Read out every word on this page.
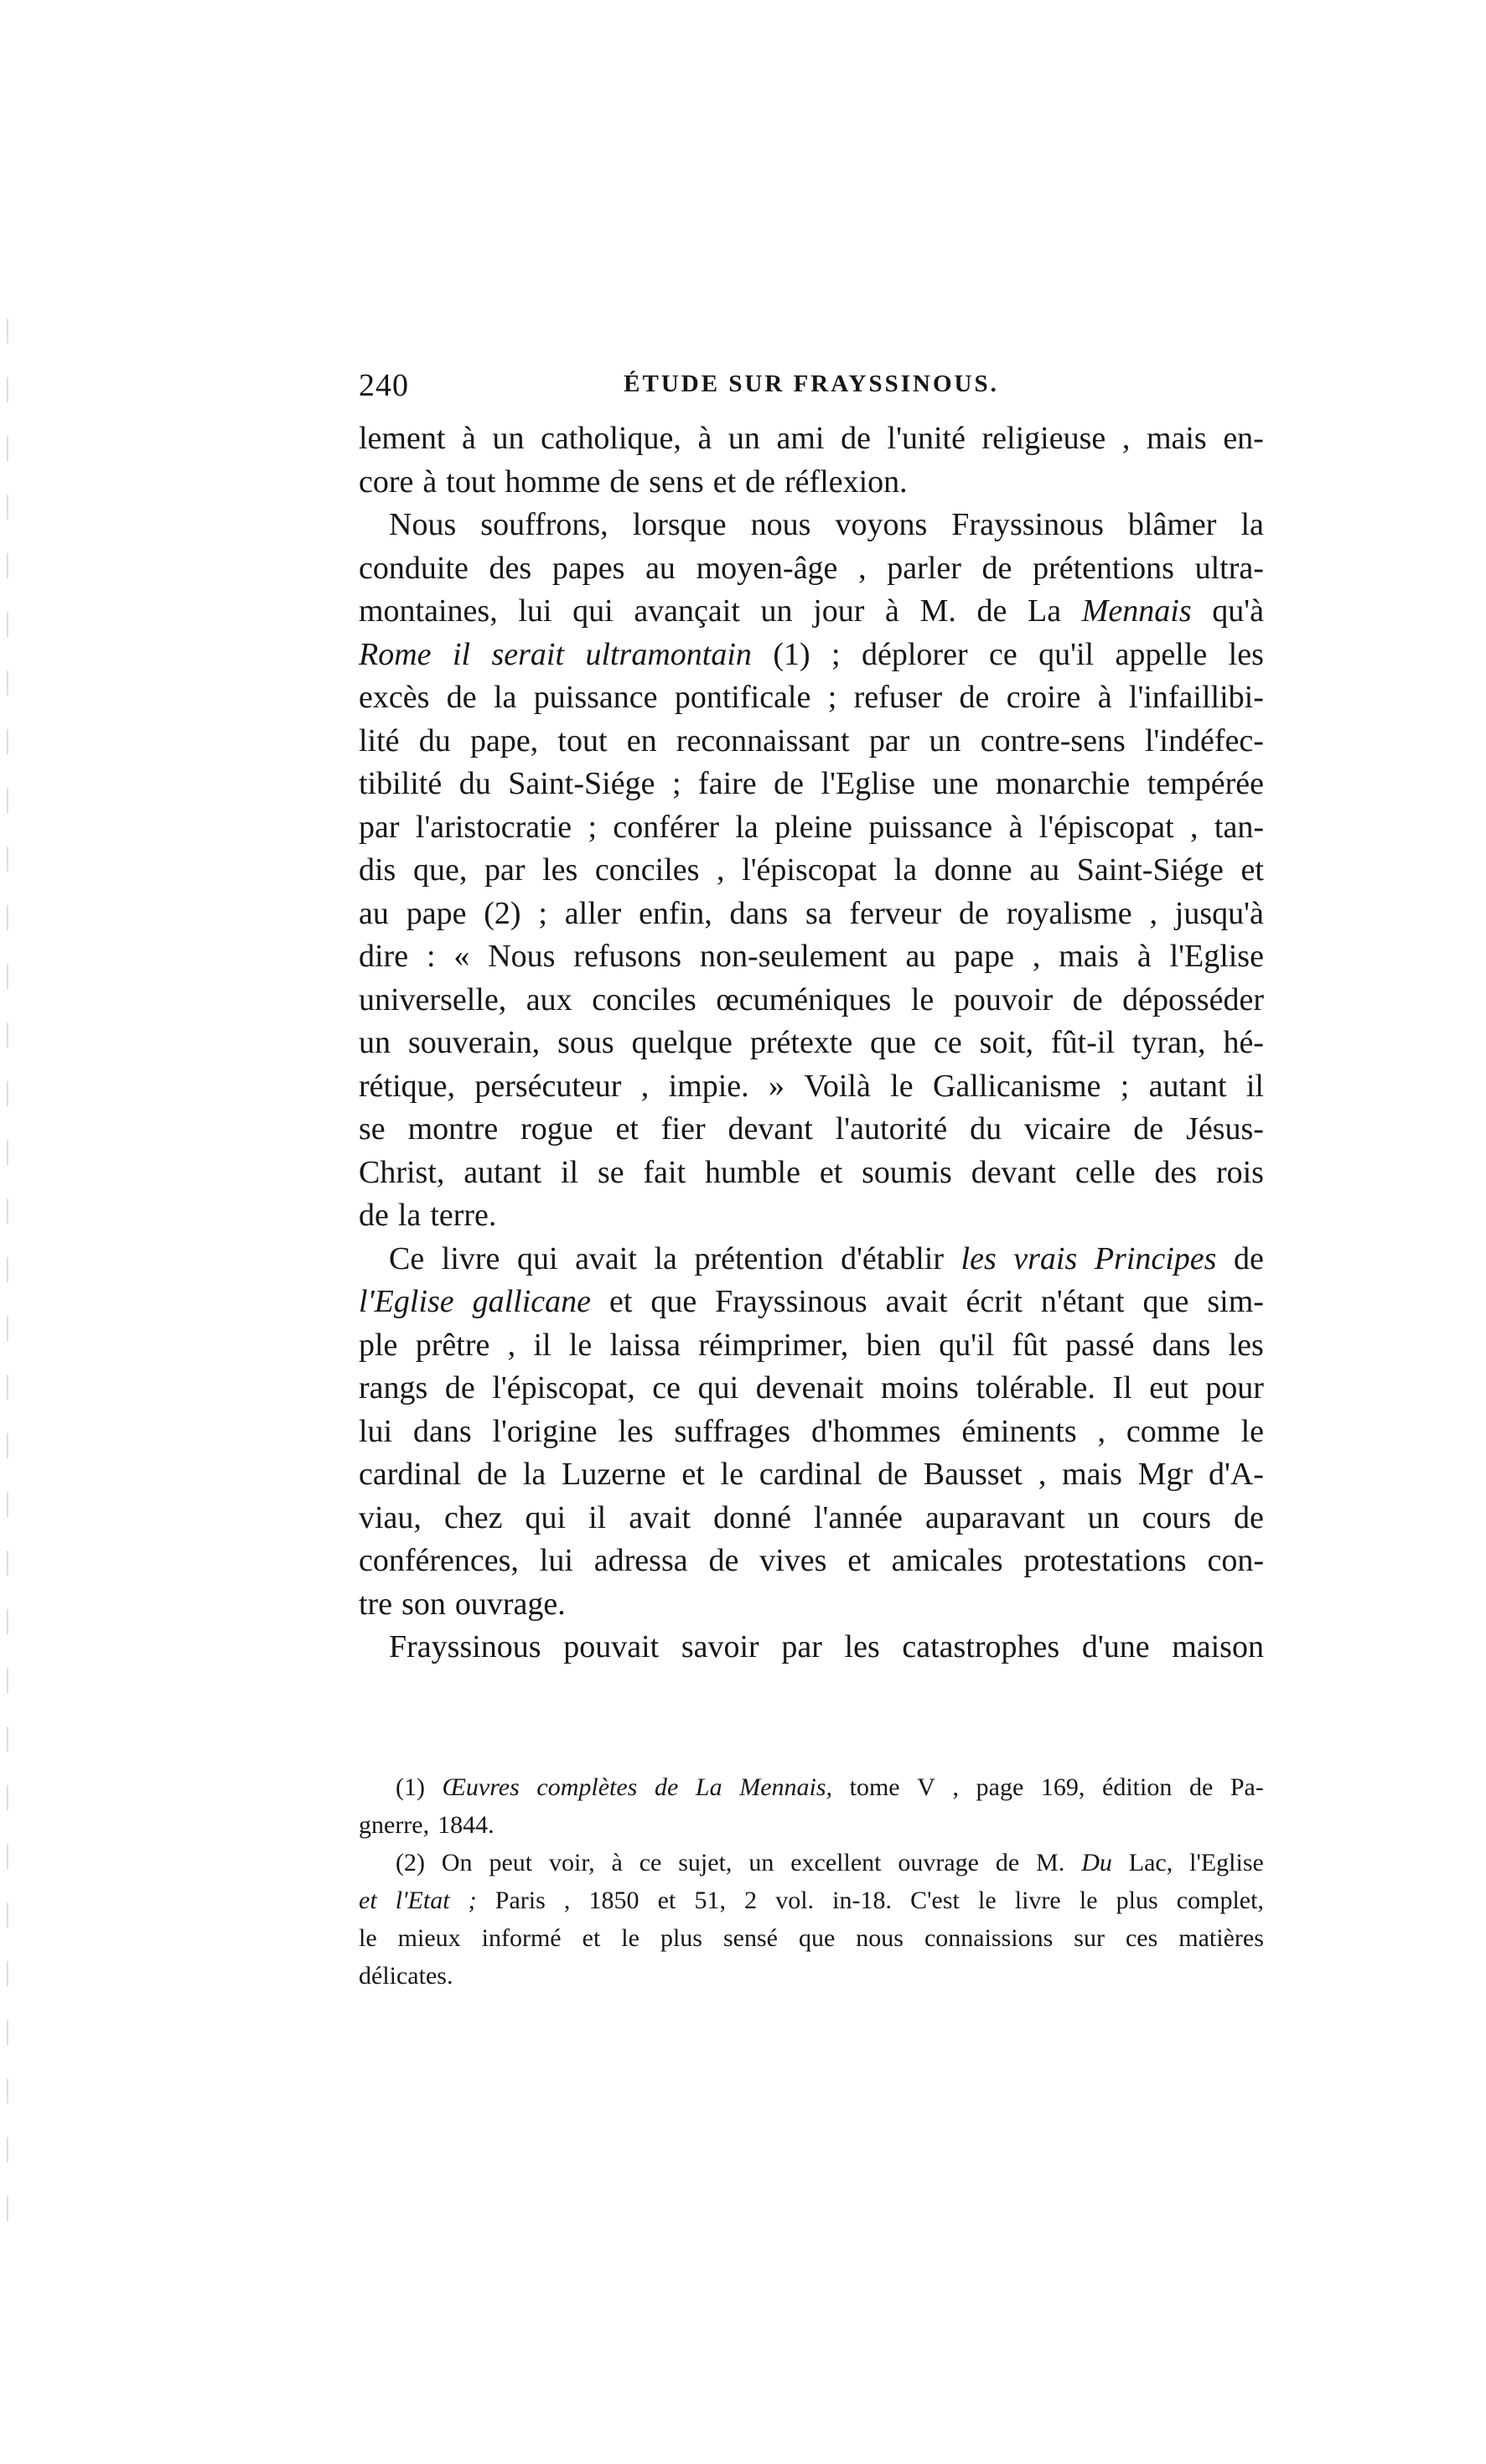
240	ÉTUDE SUR FRAYSSINOUS.
lement à un catholique, à un ami de l'unité religieuse , mais en-
core à tout homme de sens et de réflexion.
Nous souffrons, lorsque nous voyons Frayssinous blâmer la
conduite des papes au moyen-âge , parler de prétentions ultra-
montaines, lui qui avançait un jour à M. de La Mennais qu'à
Rome il serait ultramontain (1) ; déplorer ce qu'il appelle les
excès de la puissance pontificale ; refuser de croire à l'infaillibi-
lité du pape, tout en reconnaissant par un contre-sens l'indéfec-
tibilité du Saint-Siége ; faire de l'Eglise une monarchie tempérée
par l'aristocratie ; conférer la pleine puissance à l'épiscopat , tan-
dis que, par les conciles , l'épiscopat la donne au Saint-Siége et
au pape (2) ; aller enfin, dans sa ferveur de royalisme , jusqu'à
dire : « Nous refusons non-seulement au pape , mais à l'Eglise
universelle, aux conciles œcuméniques le pouvoir de déposséder
un souverain, sous quelque prétexte que ce soit, fût-il tyran, hé-
rétique, persécuteur , impie. » Voilà le Gallicanisme ; autant il
se montre rogue et fier devant l'autorité du vicaire de Jésus-
Christ, autant il se fait humble et soumis devant celle des rois
de la terre.
Ce livre qui avait la prétention d'établir les vrais Principes de
l'Eglise gallicane et que Frayssinous avait écrit n'étant que sim-
ple prêtre , il le laissa réimprimer, bien qu'il fût passé dans les
rangs de l'épiscopat, ce qui devenait moins tolérable. Il eut pour
lui dans l'origine les suffrages d'hommes éminents , comme le
cardinal de la Luzerne et le cardinal de Bausset , mais Mgr d'A-
viau, chez qui il avait donné l'année auparavant un cours de
conférences, lui adressa de vives et amicales protestations con-
tre son ouvrage.
Frayssinous pouvait savoir par les catastrophes d'une maison
(1) Œuvres complètes de La Mennais, tome V , page 169, édition de Pa-
gnerre, 1844.
(2) On peut voir, à ce sujet, un excellent ouvrage de M. Du Lac, l'Eglise
et l'Etat ; Paris , 1850 et 51, 2 vol. in-18. C'est le livre le plus complet,
le mieux informé et le plus sensé que nous connaissions sur ces matières
délicates.
